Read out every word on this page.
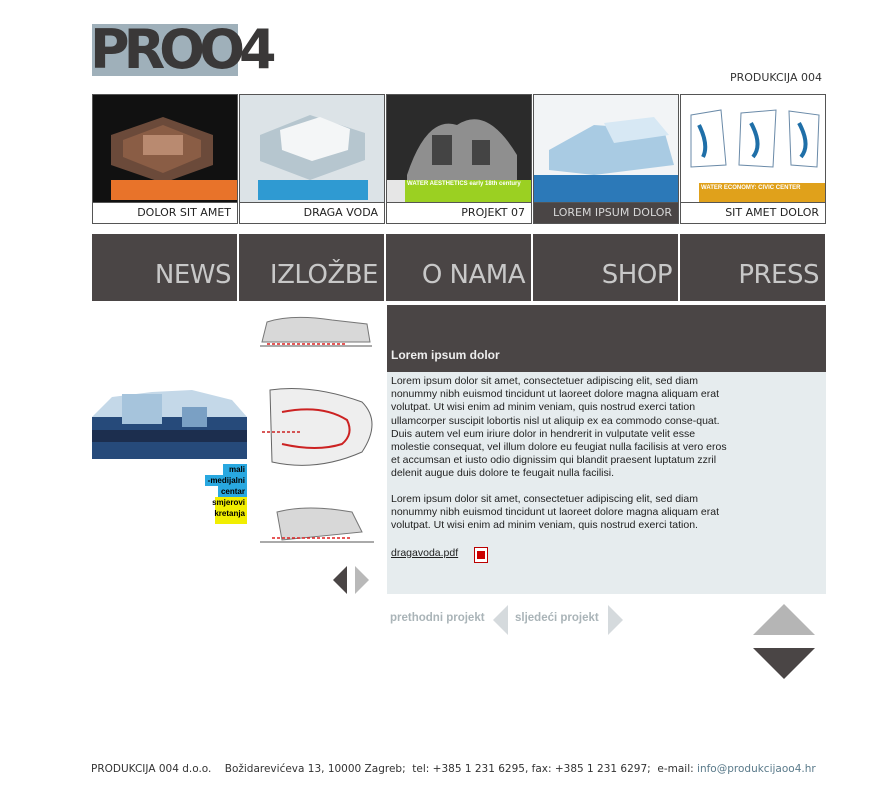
PROO4	PRODUKCIJA 004
DOLOR SIT AMET	DRAGA VODA
WATER AESTHETICS early 18th century
PROJEKT 07	LOREM IPSUM DOLOR
WATER ECONOMY: CIVIC CENTER
SIT AMET DOLOR
NEWS	IZLOŽBE	O NAMA	SHOP	PRESS
mali
-medijalni
centar
smjerovi
kretanja
Lorem ipsum dolor

Lorem ipsum dolor sit amet, consectetuer adipiscing elit, sed diam nonummy nibh euismod tincidunt ut laoreet dolore magna aliquam erat volutpat. Ut wisi enim ad minim veniam, quis nostrud exerci tation ullamcorper suscipit lobortis nisl ut aliquip ex ea commodo conse-quat. Duis autem vel eum iriure dolor in hendrerit in vulputate velit esse molestie consequat, vel illum dolore eu feugiat nulla facilisis at vero eros et accumsan et iusto odio dignissim qui blandit praesent luptatum zzril delenit augue duis dolore te feugait nulla facilisi.

Lorem ipsum dolor sit amet, consectetuer adipiscing elit, sed diam nonummy nibh euismod tincidunt ut laoreet dolore magna aliquam erat volutpat. Ut wisi enim ad minim veniam, quis nostrud exerci tation.

dragavoda.pdf
prethodni projekt	sljedeći projekt
PRODUKCIJA 004 d.o.o. Božidarevićeva 13, 10000 Zagreb; tel: +385 1 231 6295, fax: +385 1 231 6297; e-mail: info@produkcijaoo4.hr
